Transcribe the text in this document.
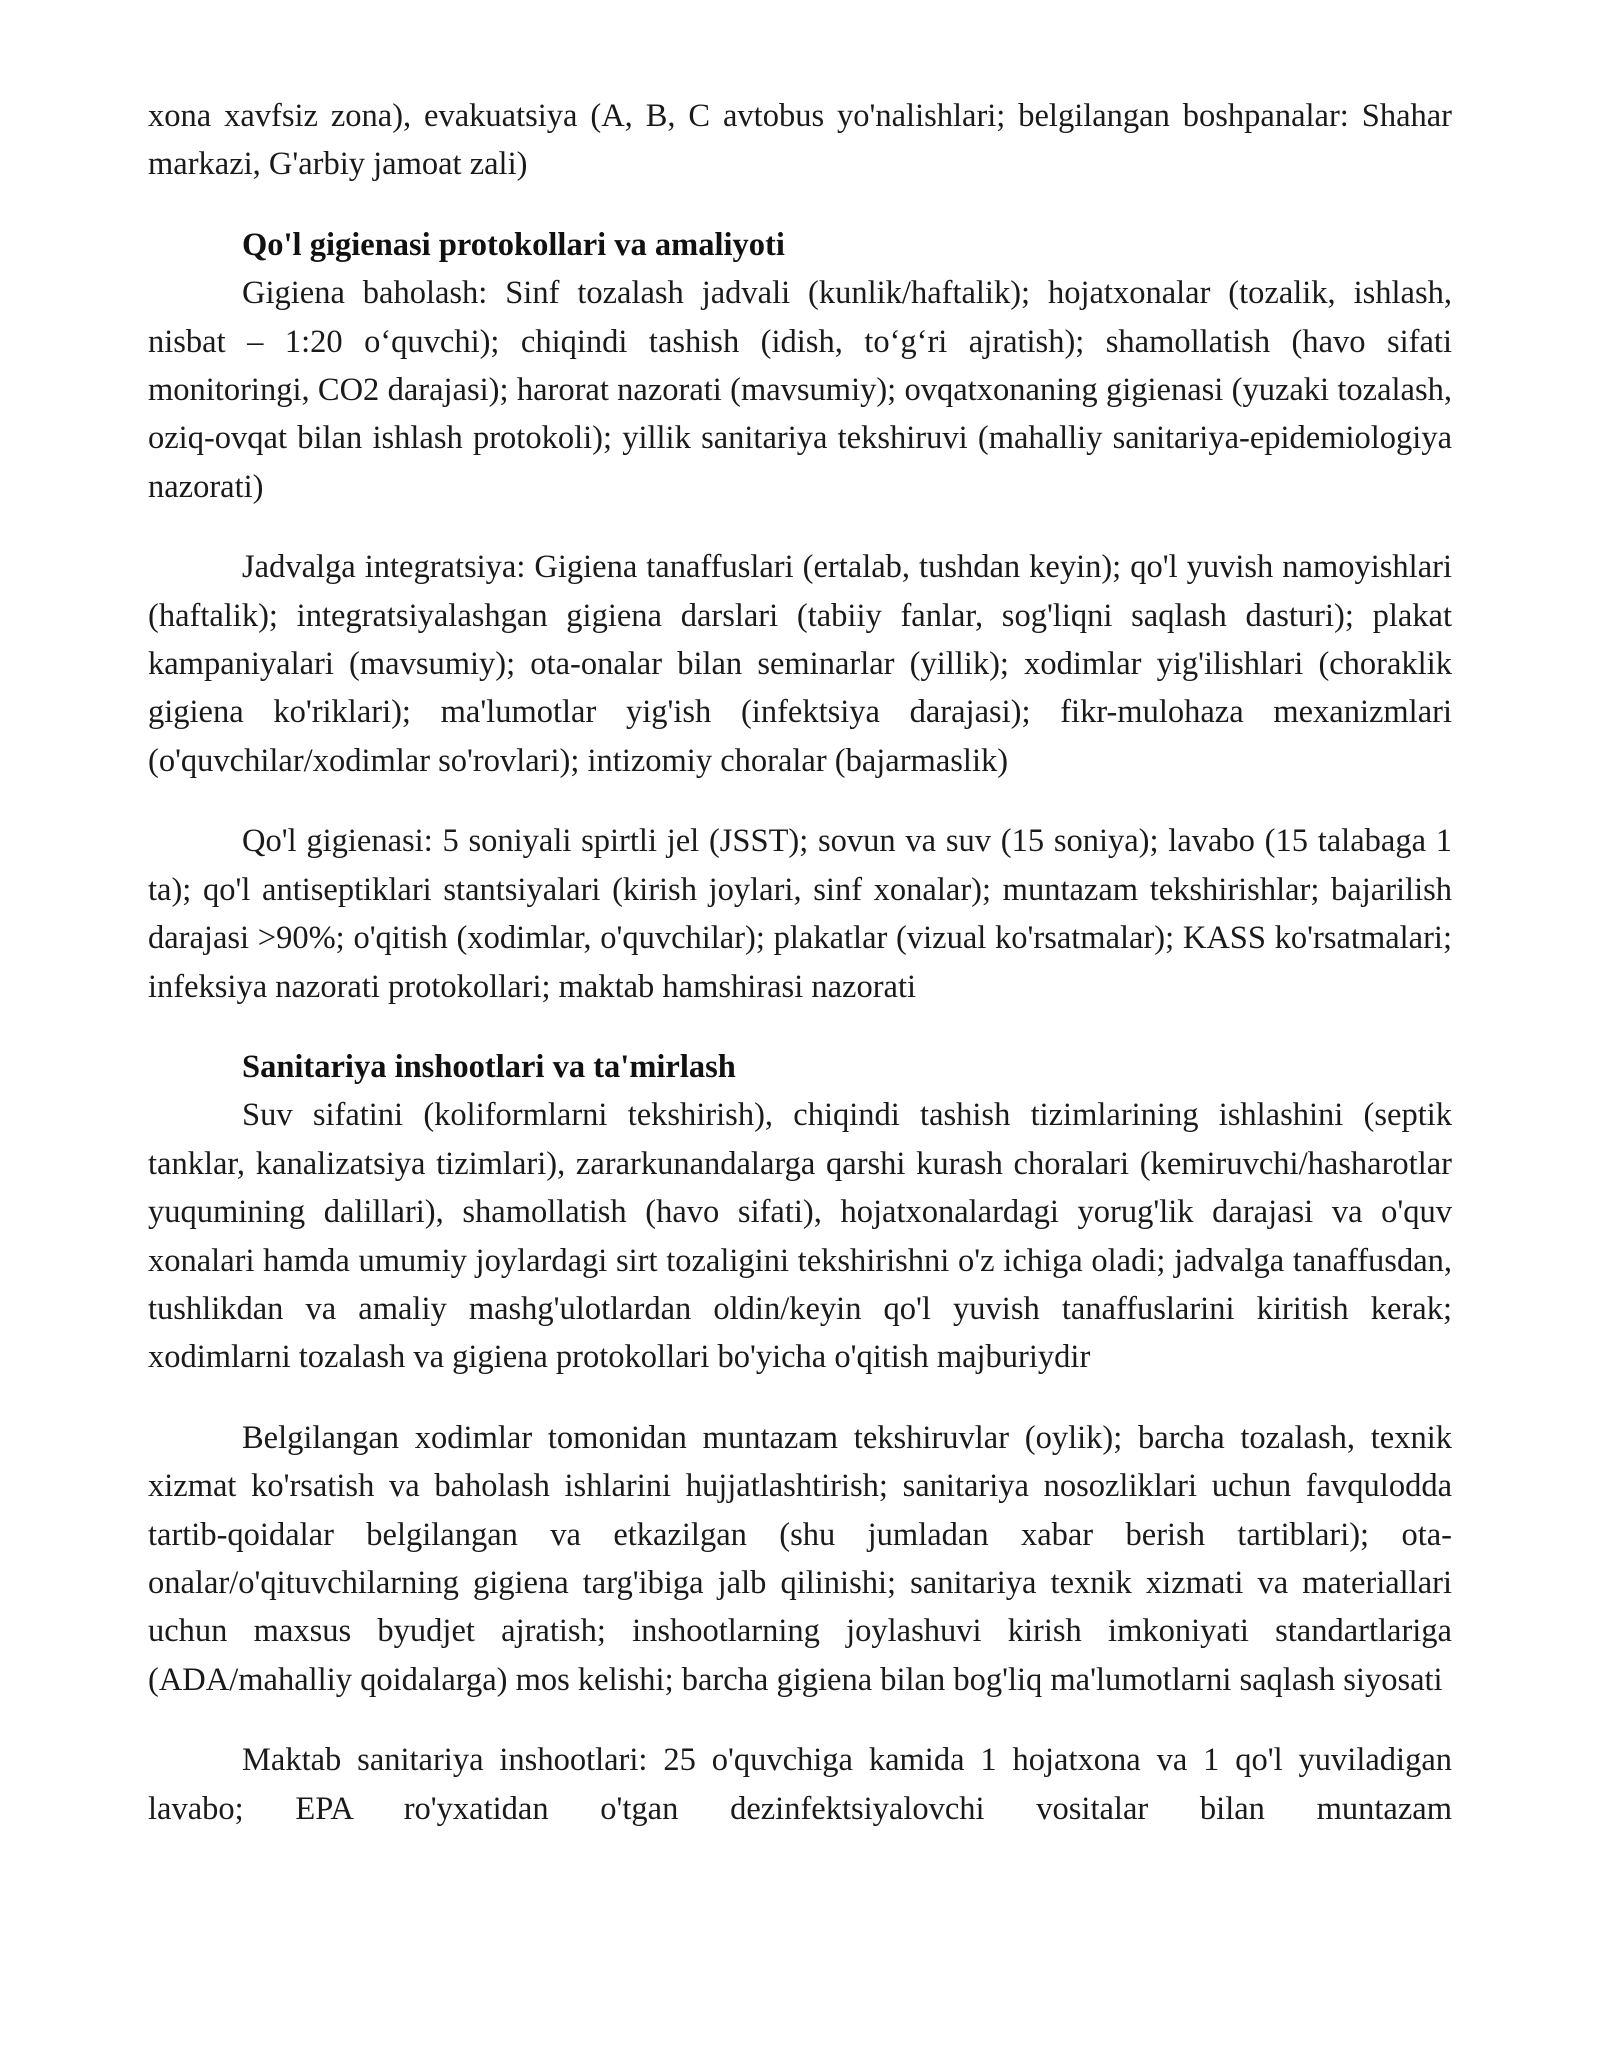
xona xavfsiz zona), evakuatsiya (A, B, C avtobus yo'nalishlari; belgilangan boshpanalar: Shahar markazi, G'arbiy jamoat zali)

Qo'l gigienasi protokollari va amaliyoti

Gigiena baholash: Sinf tozalash jadvali (kunlik/haftalik); hojatxonalar (tozalik, ishlash, nisbat – 1:20 o‘quvchi); chiqindi tashish (idish, to‘g‘ri ajratish); shamollatish (havo sifati monitoringi, CO2 darajasi); harorat nazorati (mavsumiy); ovqatxonaning gigienasi (yuzaki tozalash, oziq-ovqat bilan ishlash protokoli); yillik sanitariya tekshiruvi (mahalliy sanitariya-epidemiologiya nazorati)

Jadvalga integratsiya: Gigiena tanaffuslari (ertalab, tushdan keyin); qo'l yuvish namoyishlari (haftalik); integratsiyalashgan gigiena darslari (tabiiy fanlar, sog'liqni saqlash dasturi); plakat kampaniyalari (mavsumiy); ota-onalar bilan seminarlar (yillik); xodimlar yig'ilishlari (choraklik gigiena ko'riklari); ma'lumotlar yig'ish (infektsiya darajasi); fikr-mulohaza mexanizmlari (o'quvchilar/xodimlar so'rovlari); intizomiy choralar (bajarmaslik)

Qo'l gigienasi: 5 soniyali spirtli jel (JSST); sovun va suv (15 soniya); lavabo (15 talabaga 1 ta); qo'l antiseptiklari stantsiyalari (kirish joylari, sinf xonalar); muntazam tekshirishlar; bajarilish darajasi >90%; o'qitish (xodimlar, o'quvchilar); plakatlar (vizual ko'rsatmalar); KASS ko'rsatmalari; infeksiya nazorati protokollari; maktab hamshirasi nazorati

Sanitariya inshootlari va ta'mirlash

Suv sifatini (koliformlarni tekshirish), chiqindi tashish tizimlarining ishlashini (septik tanklar, kanalizatsiya tizimlari), zararkunandalarga qarshi kurash choralari (kemiruvchi/hasharotlar yuqumining dalillari), shamollatish (havo sifati), hojatxonalardagi yorug'lik darajasi va o'quv xonalari hamda umumiy joylardagi sirt tozaligini tekshirishni o'z ichiga oladi; jadvalga tanaffusdan, tushlikdan va amaliy mashg'ulotlardan oldin/keyin qo'l yuvish tanaffuslarini kiritish kerak; xodimlarni tozalash va gigiena protokollari bo'yicha o'qitish majburiydir

Belgilangan xodimlar tomonidan muntazam tekshiruvlar (oylik); barcha tozalash, texnik xizmat ko'rsatish va baholash ishlarini hujjatlashtirish; sanitariya nosozliklari uchun favqulodda tartib-qoidalar belgilangan va etkazilgan (shu jumladan xabar berish tartiblari); ota-onalar/o'qituvchilarning gigiena targ'ibiga jalb qilinishi; sanitariya texnik xizmati va materiallari uchun maxsus byudjet ajratish; inshootlarning joylashuvi kirish imkoniyati standartlariga (ADA/mahalliy qoidalarga) mos kelishi; barcha gigiena bilan bog'liq ma'lumotlarni saqlash siyosati

Maktab sanitariya inshootlari: 25 o'quvchiga kamida 1 hojatxona va 1 qo'l yuviladigan lavabo; EPA ro'yxatidan o'tgan dezinfektsiyalovchi vositalar bilan muntazam
